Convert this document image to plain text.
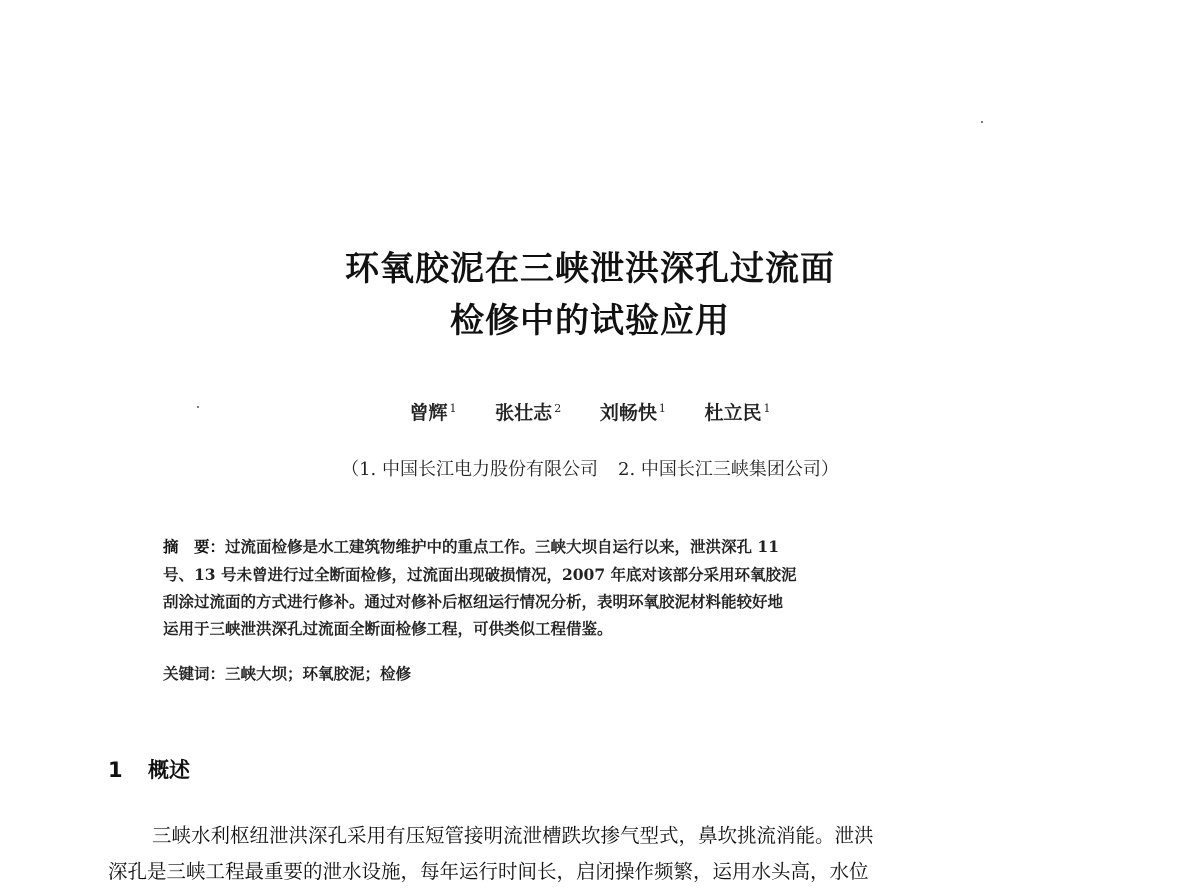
环氧胶泥在三峡泄洪深孔过流面
检修中的试验应用
曾辉 $^1$ 张壮志 $^2$ 刘畅快 $^1$ 杜立民 $^1$
（1. 中国长江电力股份有限公司 2. 中国长江三峡集团公司）
摘　要：过流面检修是水工建筑物维护中的重点工作。三峡大坝自运行以来，泄洪深孔 11
号、13 号未曾进行过全断面检修，过流面出现破损情况，2007 年底对该部分采用环氧胶泥
刮涂过流面的方式进行修补。通过对修补后枢纽运行情况分析，表明环氧胶泥材料能较好地
运用于三峡泄洪深孔过流面全断面检修工程，可供类似工程借鉴。
关键词：三峡大坝；环氧胶泥；检修
1 概述
三峡水利枢纽泄洪深孔采用有压短管接明流泄槽跌坎掺气型式，鼻坎挑流消能。泄洪
深孔是三峡工程最重要的泄水设施，每年运行时间长，启闭操作频繁，运用水头高，水位
